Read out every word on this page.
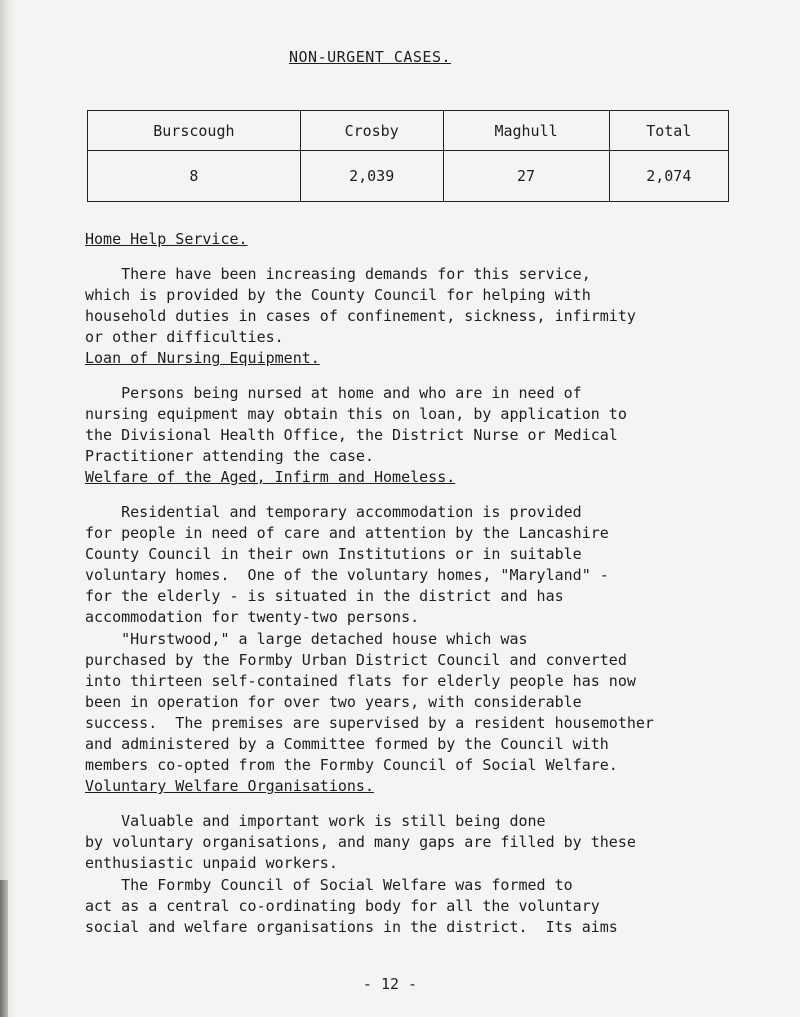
NON-URGENT CASES.
Burscough	Crosby	Maghull	Total
8	2,039	27	2,074
Home Help Service.

There have been increasing demands for this service,
which is provided by the County Council for helping with
household duties in cases of confinement, sickness, infirmity
or other difficulties.

Loan of Nursing Equipment.

Persons being nursed at home and who are in need of
nursing equipment may obtain this on loan, by application to
the Divisional Health Office, the District Nurse or Medical
Practitioner attending the case.

Welfare of the Aged, Infirm and Homeless.

Residential and temporary accommodation is provided
for people in need of care and attention by the Lancashire
County Council in their own Institutions or in suitable
voluntary homes.  One of the voluntary homes, "Maryland" -
for the elderly - is situated in the district and has
accommodation for twenty-two persons.

"Hurstwood," a large detached house which was
purchased by the Formby Urban District Council and converted
into thirteen self-contained flats for elderly people has now
been in operation for over two years, with considerable
success.  The premises are supervised by a resident housemother
and administered by a Committee formed by the Council with
members co-opted from the Formby Council of Social Welfare.

Voluntary Welfare Organisations.

Valuable and important work is still being done
by voluntary organisations, and many gaps are filled by these
enthusiastic unpaid workers.

The Formby Council of Social Welfare was formed to
act as a central co-ordinating body for all the voluntary
social and welfare organisations in the district.  Its aims

- 12 -
